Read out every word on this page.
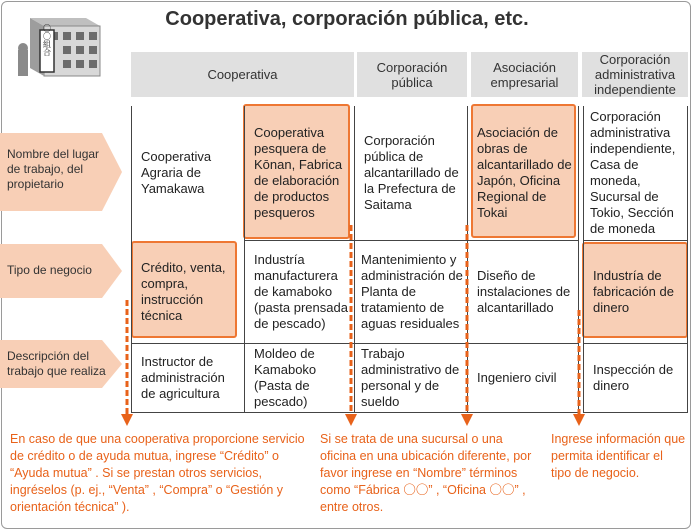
Cooperativa, corporación pública, etc.
〇〇組合
Cooperativa	Corporación pública
Asociación empresarial
Corporación administrativa independiente
Nombre del lugar de trabajo, del propietario
Tipo de negocio
Descripción del trabajo que realiza
Cooperativa Agraria de Yamakawa
Cooperativa pesquera de Kōnan, Fabrica de elaboración de productos pesqueros
Corporación pública de alcantarillado de la Prefectura de Saitama
Asociación de obras de alcantarillado de Japón, Oficina Regional de Tokai
Corporación administrativa independiente, Casa de moneda, Sucursal de Tokio, Sección de moneda
Crédito, venta, compra, instrucción técnica
Industría manufacturera de kamaboko (pasta prensada de pescado)
Mantenimiento y administración de Planta de tratamiento de aguas residuales
Diseño de instalaciones de alcantarillado
Industría de fabricación de dinero
Instructor de administración de agricultura
Moldeo de Kamaboko (Pasta de pescado)
Trabajo administrativo de personal y de sueldo
Ingeniero civil
Inspección de dinero
En caso de que una cooperativa proporcione servicio de crédito o de ayuda mutua, ingrese “Crédito” o “Ayuda mutua” . Si se prestan otros servicios, ingréselos (p. ej., “Venta” , “Compra” o “Gestión y orientación técnica” ).
Si se trata de una sucursal o una oficina en una ubicación diferente, por favor ingrese en “Nombre” términos como “Fábrica 〇〇” , “Oficina 〇〇” , entre otros.
Ingrese información que permita identificar el tipo de negocio.
